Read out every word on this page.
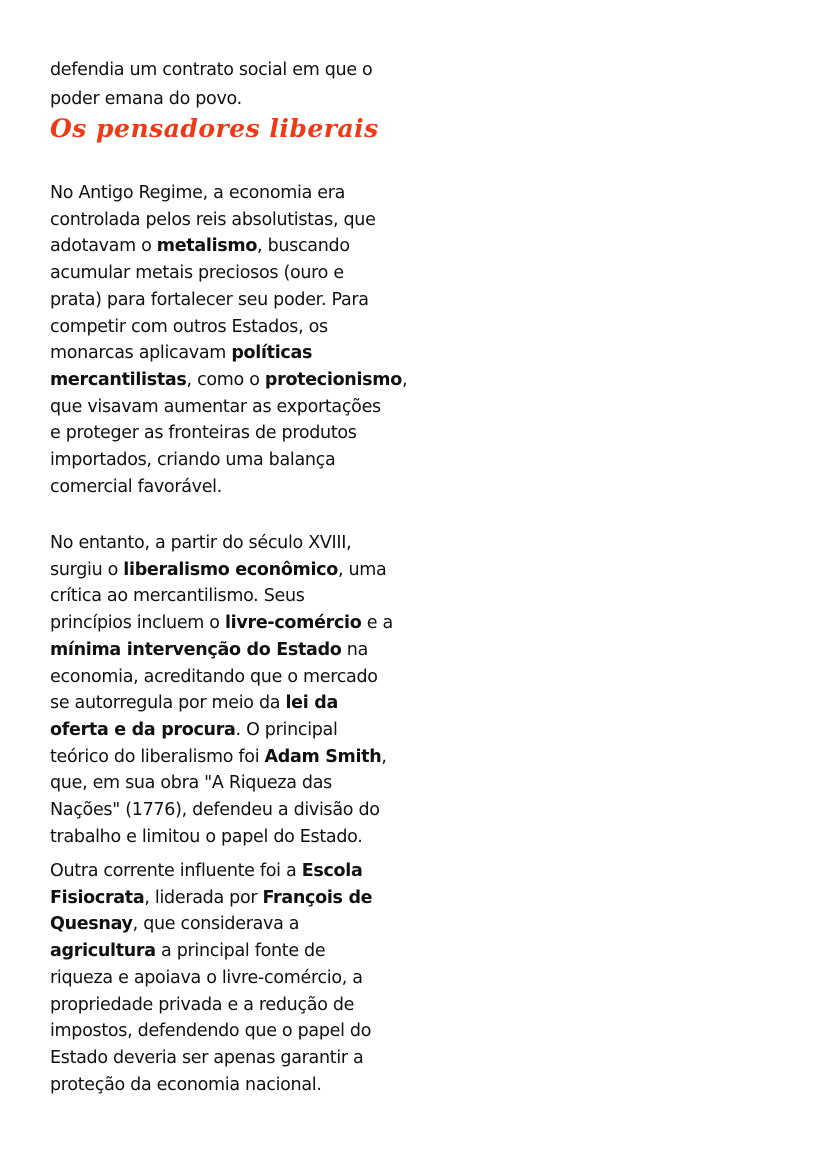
Os pensadores liberais
defendia um contrato social em que o
poder emana do povo.
No Antigo Regime, a economia era
controlada pelos reis absolutistas, que
adotavam o metalismo, buscando
acumular metais preciosos (ouro e
prata) para fortalecer seu poder. Para
competir com outros Estados, os
monarcas aplicavam políticas
mercantilistas, como o protecionismo,
que visavam aumentar as exportações
e proteger as fronteiras de produtos
importados, criando uma balança
comercial favorável.
No entanto, a partir do século XVIII,
surgiu o liberalismo econômico, uma
crítica ao mercantilismo. Seus
princípios incluem o livre-comércio e a
mínima intervenção do Estado na
economia, acreditando que o mercado
se autorregula por meio da lei da
oferta e da procura. O principal
teórico do liberalismo foi Adam Smith,
que, em sua obra "A Riqueza das
Nações" (1776), defendeu a divisão do
trabalho e limitou o papel do Estado.
Outra corrente influente foi a Escola
Fisiocrata, liderada por François de
Quesnay, que considerava a
agricultura a principal fonte de
riqueza e apoiava o livre-comércio, a
propriedade privada e a redução de
impostos, defendendo que o papel do
Estado deveria ser apenas garantir a
proteção da economia nacional.
